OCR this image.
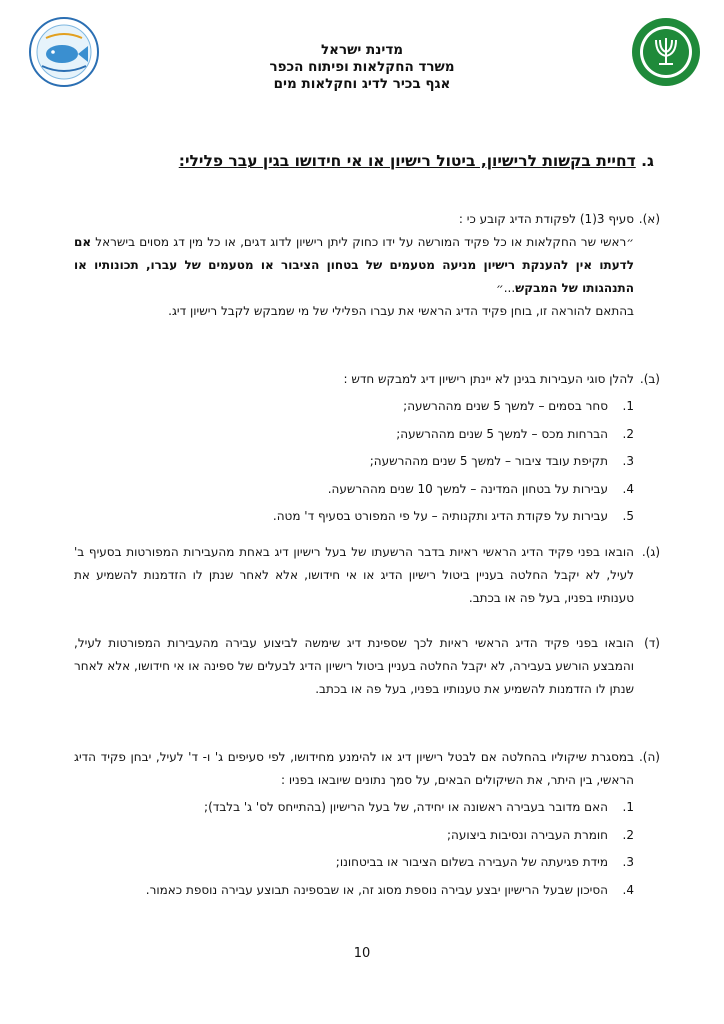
מדינת ישראל
משרד החקלאות ופיתוח הכפר
אגף בכיר לדיג וחקלאות מים
ג. דחיית בקשות לרישיון, ביטול רישיון או אי חידושו בגין עבר פלילי:
(א).

סעיף 3(1) לפקודת הדיג קובע כי :

״ראשי שר החקלאות או כל פקיד המורשה על ידו כחוק ליתן רישיון לדוג דגים, או כל מין דג מסוים בישראל אם לדעתו אין להענקת רישיון מניעה מטעמים של בטחון הציבור או מטעמים של עברו, תכונותיו או התנהגותו של המבקש...״

בהתאם להוראה זו, בוחן פקיד הדיג הראשי את עברו הפלילי של מי שמבקש לקבל רישיון דיג.

(ב).
להלן סוגי העבירות בגינן לא יינתן רישיון דיג למבקש חדש :
1.
סחר בסמים – למשך 5 שנים מההרשעה;
2.
הברחות מכס – למשך 5 שנים מההרשעה;
3.
תקיפת עובד ציבור – למשך 5 שנים מההרשעה;
4.
עבירות על בטחון המדינה – למשך 10 שנים מההרשעה.
5.
עבירות על פקודת הדיג ותקנותיה – על פי המפורט בסעיף ד' מטה.
(ג).

הובאו בפני פקיד הדיג הראשי ראיות בדבר הרשעתו של בעל רישיון דיג באחת מהעבירות המפורטות בסעיף ב' לעיל, לא יקבל החלטה בעניין ביטול רישיון הדיג או אי חידושו, אלא לאחר שנתן לו הזדמנות להשמיע את טענותיו בפניו, בעל פה או בכתב.

(ד)

הובאו בפני פקיד הדיג הראשי ראיות לכך שספינת דיג שימשה לביצוע עבירה מהעבירות המפורטות לעיל, והמבצע הורשע בעבירה, לא יקבל החלטה בעניין ביטול רישיון הדיג לבעלים של ספינה או אי חידושו, אלא לאחר שנתן לו הזדמנות להשמיע את טענותיו בפניו, בעל פה או בכתב.

(ה).
במסגרת שיקוליו בהחלטה אם לבטל רישיון דיג או להימנע מחידושו, לפי סעיפים ג' ו- ד' לעיל, יבחן פקיד הדיג הראשי, בין היתר, את השיקולים הבאים, על סמך נתונים שיובאו בפניו :
1.
האם מדובר בעבירה ראשונה או יחידה, של בעל הרישיון (בהתייחס לס' ג' בלבד);
2.
חומרת העבירה ונסיבות ביצועה;
3.
מידת פגיעתה של העבירה בשלום הציבור או בביטחונו;
4.
הסיכון שבעל הרישיון יבצע עבירה נוספת מסוג זה, או שבספינה תבוצע עבירה נוספת כאמור.
10
